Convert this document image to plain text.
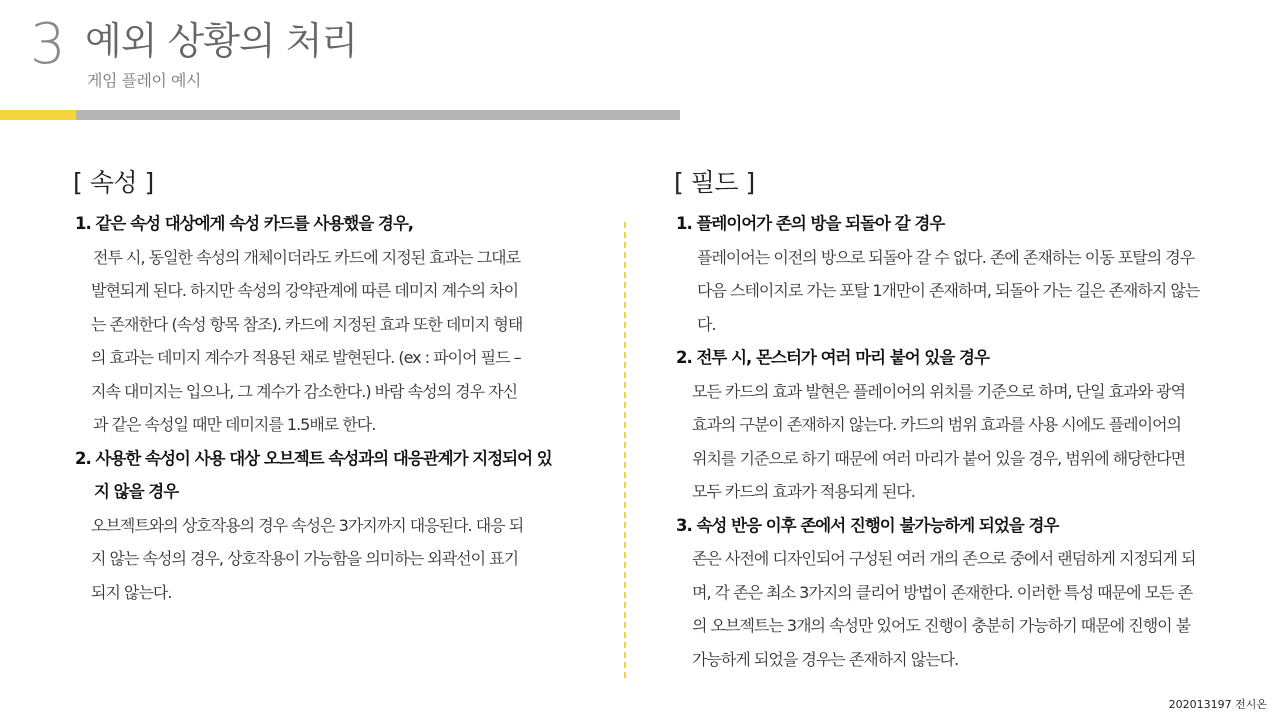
3 예외 상황의 처리
게임 플레이 예시
[ 속성 ]
1. 같은 속성 대상에게 속성 카드를 사용했을 경우,
전투 시, 동일한 속성의 개체이더라도 카드에 지정된 효과는 그대로
발현되게 된다. 하지만 속성의 강약관계에 따른 데미지 계수의 차이
는 존재한다 (속성 항목 참조). 카드에 지정된 효과 또한 데미지 형태
의 효과는 데미지 계수가 적용된 채로 발현된다. (ex : 파이어 필드 –
지속 대미지는 입으나, 그 계수가 감소한다.) 바람 속성의 경우 자신
과 같은 속성일 때만 데미지를 1.5배로 한다.
2. 사용한 속성이 사용 대상 오브젝트 속성과의 대응관계가 지정되어 있
지 않을 경우
오브젝트와의 상호작용의 경우 속성은 3가지까지 대응된다. 대응 되
지 않는 속성의 경우, 상호작용이 가능함을 의미하는 외곽선이 표기
되지 않는다.
[ 필드 ]
1. 플레이어가 존의 방을 되돌아 갈 경우
플레이어는 이전의 방으로 되돌아 갈 수 없다. 존에 존재하는 이동 포탈의 경우
다음 스테이지로 가는 포탈 1개만이 존재하며, 되돌아 가는 길은 존재하지 않는
다.
2. 전투 시, 몬스터가 여러 마리 붙어 있을 경우
모든 카드의 효과 발현은 플레이어의 위치를 기준으로 하며, 단일 효과와 광역
효과의 구분이 존재하지 않는다. 카드의 범위 효과를 사용 시에도 플레이어의
위치를 기준으로 하기 때문에 여러 마리가 붙어 있을 경우, 범위에 해당한다면
모두 카드의 효과가 적용되게 된다.
3. 속성 반응 이후 존에서 진행이 불가능하게 되었을 경우
존은 사전에 디자인되어 구성된 여러 개의 존으로 중에서 랜덤하게 지정되게 되
며, 각 존은 최소 3가지의 클리어 방법이 존재한다. 이러한 특성 때문에 모든 존
의 오브젝트는 3개의 속성만 있어도 진행이 충분히 가능하기 때문에 진행이 불
가능하게 되었을 경우는 존재하지 않는다.
202013197 전시온
